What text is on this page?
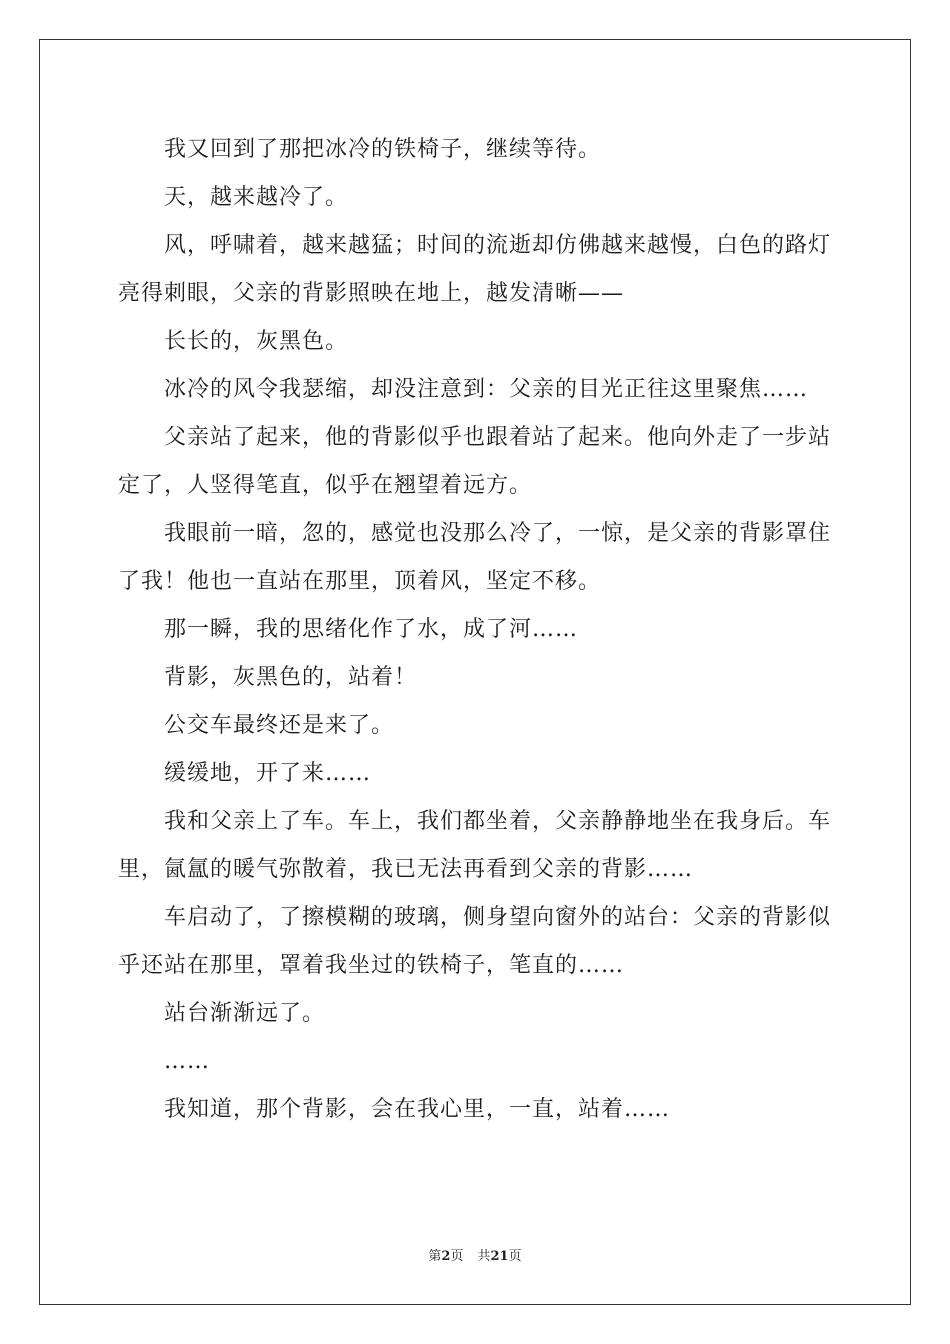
我又回到了那把冰冷的铁椅子，继续等待。

天，越来越冷了。

风，呼啸着，越来越猛；时间的流逝却仿佛越来越慢，白色的路灯亮得刺眼，父亲的背影照映在地上，越发清晰——

长长的，灰黑色。

冰冷的风令我瑟缩，却没注意到：父亲的目光正往这里聚焦……

父亲站了起来，他的背影似乎也跟着站了起来。他向外走了一步站定了，人竖得笔直，似乎在翘望着远方。

我眼前一暗，忽的，感觉也没那么冷了，一惊，是父亲的背影罩住了我！他也一直站在那里，顶着风，坚定不移。

那一瞬，我的思绪化作了水，成了河……

背影，灰黑色的，站着！

公交车最终还是来了。

缓缓地，开了来……

我和父亲上了车。车上，我们都坐着，父亲静静地坐在我身后。车里，氤氲的暖气弥散着，我已无法再看到父亲的背影……

车启动了，了擦模糊的玻璃，侧身望向窗外的站台：父亲的背影似乎还站在那里，罩着我坐过的铁椅子，笔直的……

站台渐渐远了。

……

我知道，那个背影，会在我心里，一直，站着……

第2页 共21页
